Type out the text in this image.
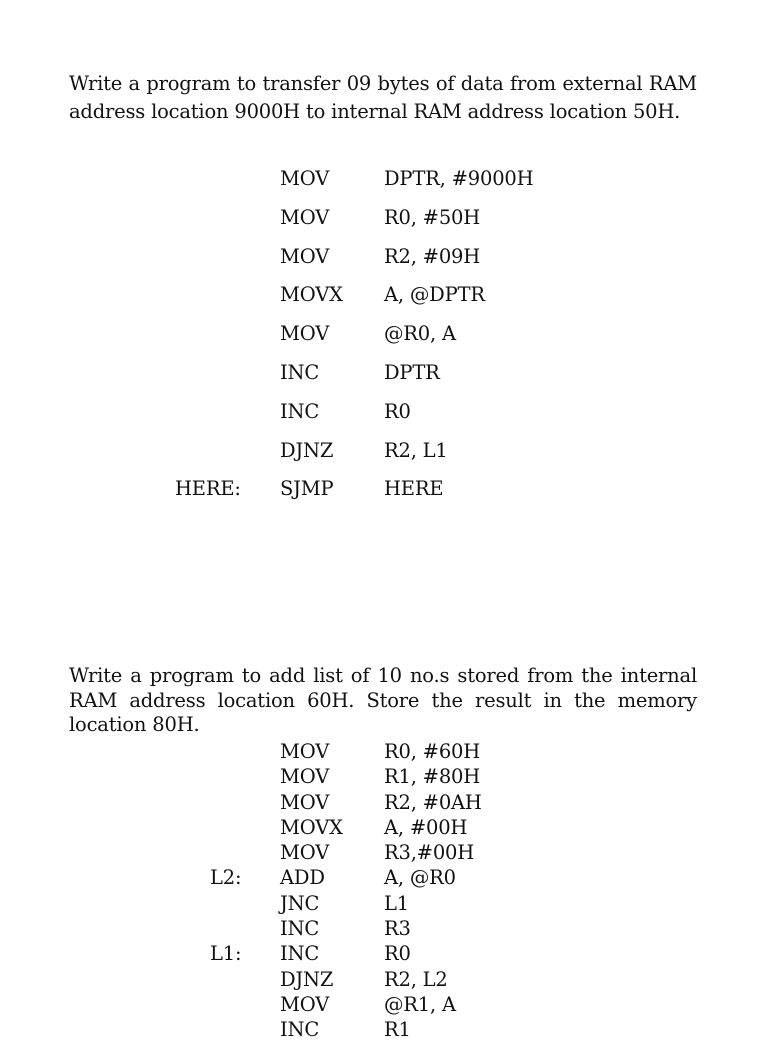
Write a program to transfer 09 bytes of data from external RAM address location 9000H to internal RAM address location 50H.

MOV	DPTR, #9000H
MOV	R0, #50H
MOV	R2, #09H
MOVX A, @DPTR
MOV	@R0, A
INC	DPTR
INC	R0
DJNZ	R2, L1
HERE: SJMP	HERE

Write a program to add list of 10 no.s stored from the internal RAM address location 60H. Store the result in the memory location 80H.

MOV	R0, #60H
MOV	R1, #80H
MOV	R2, #0AH
MOVX A, #00H
MOV	R3,#00H
L2: ADD	A, @R0
JNC	L1
INC	R3
L1: INC	R0
DJNZ	R2, L2
MOV	@R1, A
INC	R1
